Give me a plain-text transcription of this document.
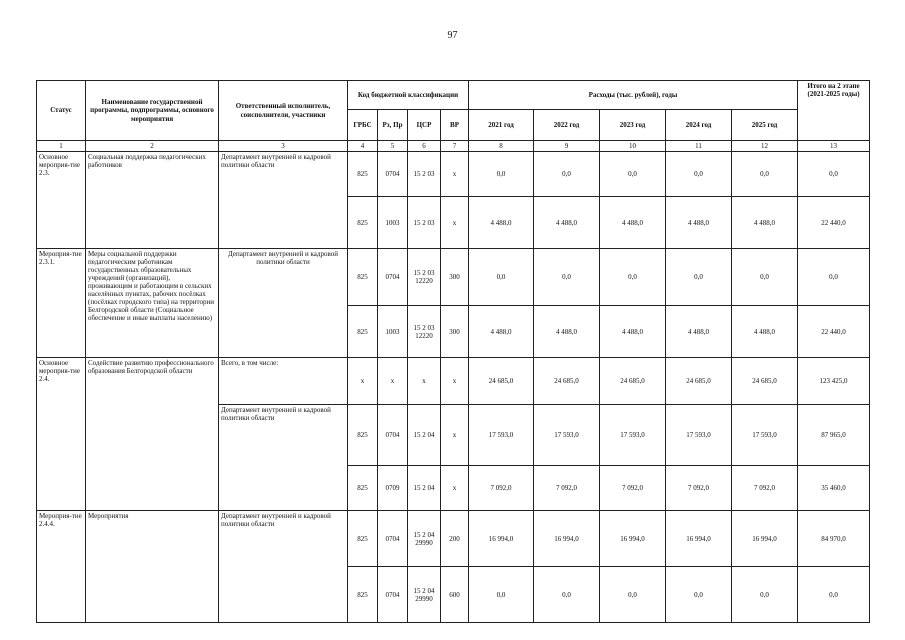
97
Статус	Наименование государственной программы, подпрограммы, основного мероприятия	Ответственный исполнитель, соисполнители, участники	Код бюджетной классификации				Расходы (тыс. рублей), годы					Итого на 2 этапе (2021-2025 годы)
			ГРБС	Рз, Пр	ЦСР	ВР	2021 год	2022 год	2023 год	2024 год	2025 год	
1	2	3	4	5	6	7	8	9	10	11	12	13
Основное мероприя-тие 2.3.	Социальная поддержка педагогических работников	Департамент внутренней и кадровой политики области	825	0704	15 2 03	х	0,0	0,0	0,0	0,0	0,0	0,0
			825	1003	15 2 03	х	4 488,0	4 488,0	4 488,0	4 488,0	4 488,0	22 440,0
Мероприя-тие 2.3.1.	Меры социальной поддержки педагогическим работникам государственных образовательных учреждений (организаций), проживающим и работающим в сельских населённых пунктах, рабочих посёлках (посёлках городского типа) на территории Белгородской области (Социальное обеспечение и иные выплаты населению)	Департамент внутренней и кадровой политики области	825	0704	15 2 03 12220	300	0,0	0,0	0,0	0,0	0,0	0,0
			825	1003	15 2 03 12220	300	4 488,0	4 488,0	4 488,0	4 488,0	4 488,0	22 440,0
Основное мероприя-тие 2.4.	Содействие развитию профессионального образования Белгородской области	Всего, в том числе:	х	х	х	х	24 685,0	24 685,0	24 685,0	24 685,0	24 685,0	123 425,0
		Департамент внутренней и кадровой политики области	825	0704	15 2 04	х	17 593,0	17 593,0	17 593,0	17 593,0	17 593,0	87 965,0
			825	0709	15 2 04	х	7 092,0	7 092,0	7 092,0	7 092,0	7 092,0	35 460,0
Мероприя-тие 2.4.4.	Мероприятия	Департамент внутренней и кадровой политики области	825	0704	15 2 04 29990	200	16 994,0	16 994,0	16 994,0	16 994,0	16 994,0	84 970,0
			825	0704	15 2 04 29990	600	0,0	0,0	0,0	0,0	0,0	0,0
